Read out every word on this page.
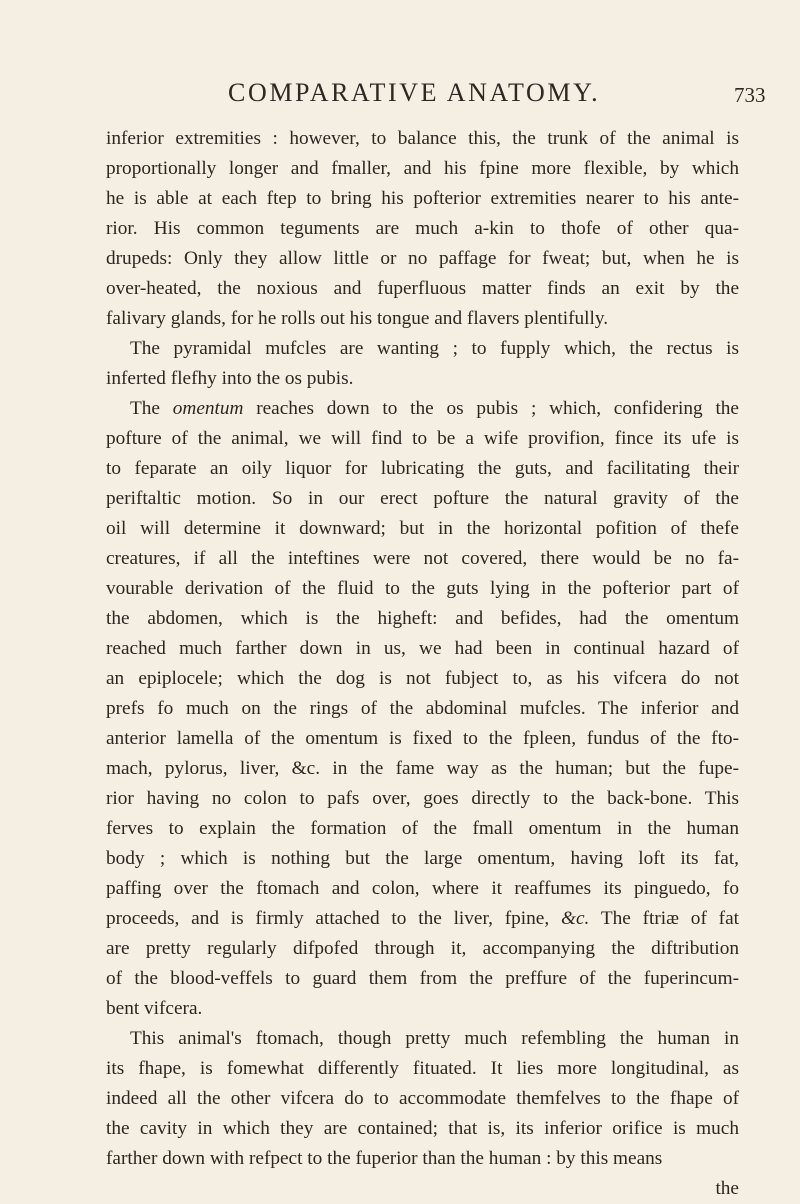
COMPARATIVE ANATOMY.	733
inferior extremities : however, to balance this, the trunk of the animal is
proportionally longer and fmaller, and his fpine more flexible, by which
he is able at each ftep to bring his pofterior extremities nearer to his ante-
rior. His common teguments are much a-kin to thofe of other qua-
drupeds: Only they allow little or no paffage for fweat; but, when he is
over-heated, the noxious and fuperfluous matter finds an exit by the
falivary glands, for he rolls out his tongue and flavers plentifully.
The pyramidal mufcles are wanting ; to fupply which, the rectus is
inferted flefhy into the os pubis.
The omentum reaches down to the os pubis ; which, confidering the
pofture of the animal, we will find to be a wife provifion, fince its ufe is
to feparate an oily liquor for lubricating the guts, and facilitating their
periftaltic motion. So in our erect pofture the natural gravity of the
oil will determine it downward; but in the horizontal pofition of thefe
creatures, if all the inteftines were not covered, there would be no fa-
vourable derivation of the fluid to the guts lying in the pofterior part of
the abdomen, which is the higheft: and befides, had the omentum
reached much farther down in us, we had been in continual hazard of
an epiplocele; which the dog is not fubject to, as his vifcera do not
prefs fo much on the rings of the abdominal mufcles. The inferior and
anterior lamella of the omentum is fixed to the fpleen, fundus of the fto-
mach, pylorus, liver, &c. in the fame way as the human; but the fupe-
rior having no colon to pafs over, goes directly to the back-bone. This
ferves to explain the formation of the fmall omentum in the human
body ; which is nothing but the large omentum, having loft its fat,
paffing over the ftomach and colon, where it reaffumes its pinguedo, fo
proceeds, and is firmly attached to the liver, fpine, &c. The ftriæ of fat
are pretty regularly difpofed through it, accompanying the diftribution
of the blood-veffels to guard them from the preffure of the fuperincum-
bent vifcera.
This animal's ftomach, though pretty much refembling the human in
its fhape, is fomewhat differently fituated. It lies more longitudinal, as
indeed all the other vifcera do to accommodate themfelves to the fhape of
the cavity in which they are contained; that is, its inferior orifice is much
farther down with refpect to the fuperior than the human : by this means
the
